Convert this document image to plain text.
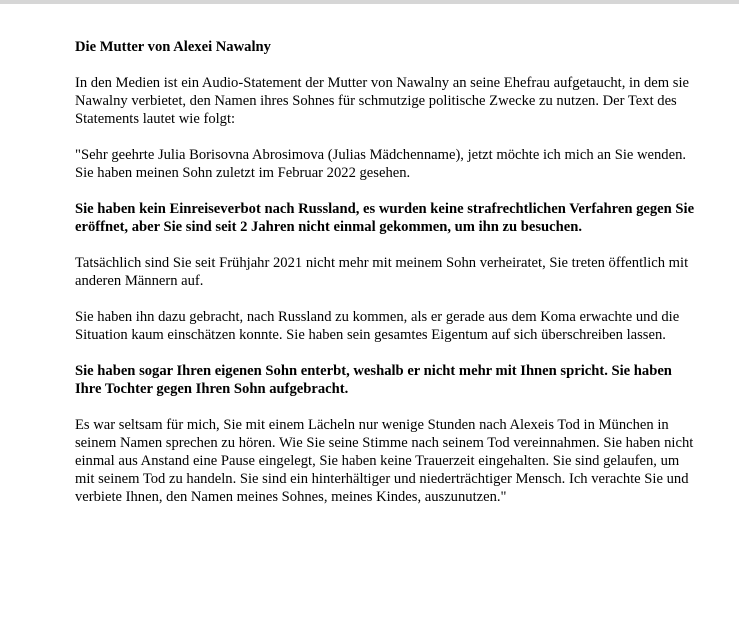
Die Mutter von Alexei Nawalny

In den Medien ist ein Audio-Statement der Mutter von Nawalny an seine Ehefrau aufgetaucht, in dem sie Nawalny verbietet, den Namen ihres Sohnes für schmutzige politische Zwecke zu nutzen. Der Text des Statements lautet wie folgt:

"Sehr geehrte Julia Borisovna Abrosimova (Julias Mädchenname), jetzt möchte ich mich an Sie wenden. Sie haben meinen Sohn zuletzt im Februar 2022 gesehen.

Sie haben kein Einreiseverbot nach Russland, es wurden keine strafrechtlichen Verfahren gegen Sie eröffnet, aber Sie sind seit 2 Jahren nicht einmal gekommen, um ihn zu besuchen.

Tatsächlich sind Sie seit Frühjahr 2021 nicht mehr mit meinem Sohn verheiratet, Sie treten öffentlich mit anderen Männern auf.

Sie haben ihn dazu gebracht, nach Russland zu kommen, als er gerade aus dem Koma erwachte und die Situation kaum einschätzen konnte. Sie haben sein gesamtes Eigentum auf sich überschreiben lassen.

Sie haben sogar Ihren eigenen Sohn enterbt, weshalb er nicht mehr mit Ihnen spricht. Sie haben Ihre Tochter gegen Ihren Sohn aufgebracht.

Es war seltsam für mich, Sie mit einem Lächeln nur wenige Stunden nach Alexeis Tod in München in seinem Namen sprechen zu hören. Wie Sie seine Stimme nach seinem Tod vereinnahmen. Sie haben nicht einmal aus Anstand eine Pause eingelegt, Sie haben keine Trauerzeit eingehalten. Sie sind gelaufen, um mit seinem Tod zu handeln. Sie sind ein hinterhältiger und niederträchtiger Mensch. Ich verachte Sie und verbiete Ihnen, den Namen meines Sohnes, meines Kindes, auszunutzen."
